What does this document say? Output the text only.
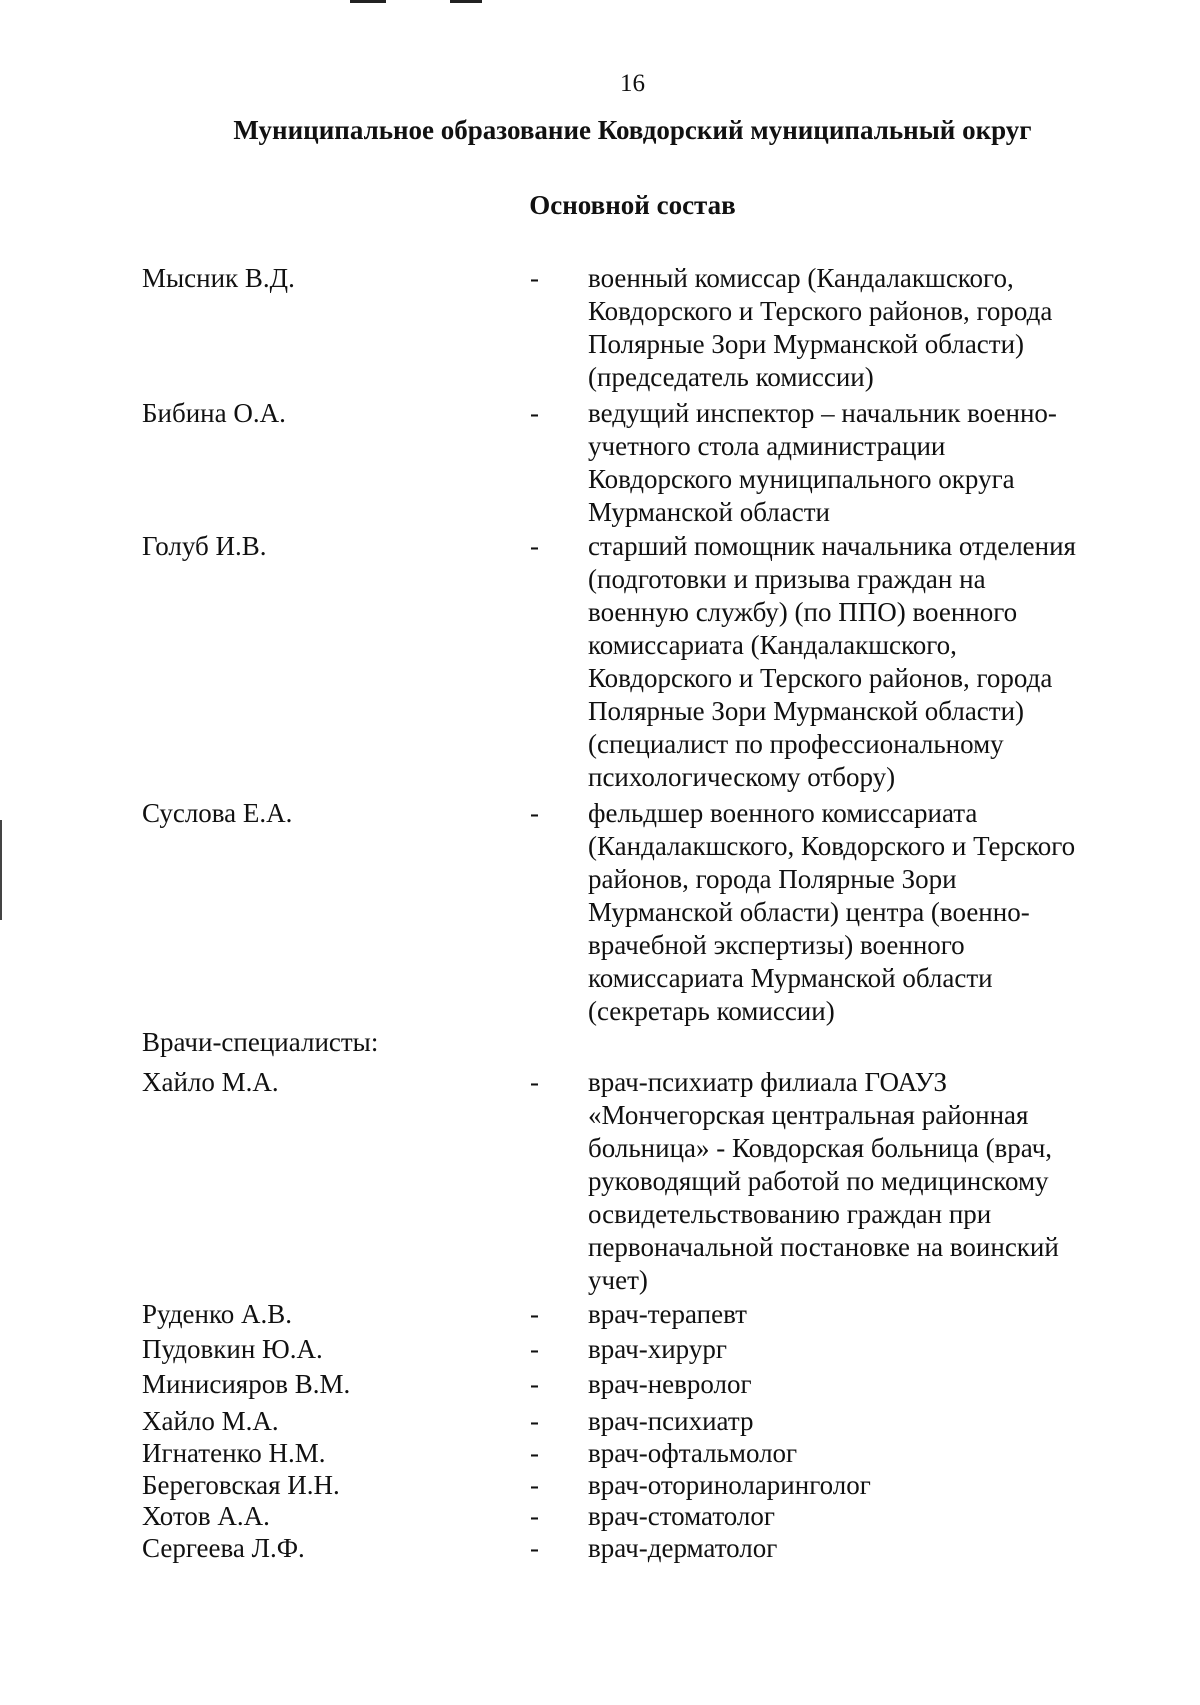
16
Муниципальное образование Ковдорский муниципальный округ
Основной состав
Мысник В.Д.	- военный комиссар (Кандалакшского,
Ковдорского и Терского районов, города
Полярные Зори Мурманской области)
(председатель комиссии)
Бибина О.А.	- ведущий инспектор – начальник военно-
учетного стола администрации
Ковдорского муниципального округа
Мурманской области
Голуб И.В.	- старший помощник начальника отделения
(подготовки и призыва граждан на
военную службу) (по ППО) военного
комиссариата (Кандалакшского,
Ковдорского и Терского районов, города
Полярные Зори Мурманской области)
(специалист по профессиональному
психологическому отбору)
Суслова Е.А.	- фельдшер военного комиссариата
(Кандалакшского, Ковдорского и Терского
районов, города Полярные Зори
Мурманской области) центра (военно-
врачебной экспертизы) военного
комиссариата Мурманской области
(секретарь комиссии)
Врачи-специалисты:
Хайло М.А.	- врач-психиатр филиала ГОАУЗ
«Мончегорская центральная районная
больница» - Ковдорская больница (врач,
руководящий работой по медицинскому
освидетельствованию граждан при
первоначальной постановке на воинский
учет)
Руденко А.В.	- врач-терапевт
Пудовкин Ю.А.	- врач-хирург
Минисияров В.М.	- врач-невролог
Хайло М.А.	- врач-психиатр
Игнатенко Н.М.	- врач-офтальмолог
Береговская И.Н.	- врач-оториноларинголог
Хотов А.А.	- врач-стоматолог
Сергеева Л.Ф.	- врач-дерматолог
